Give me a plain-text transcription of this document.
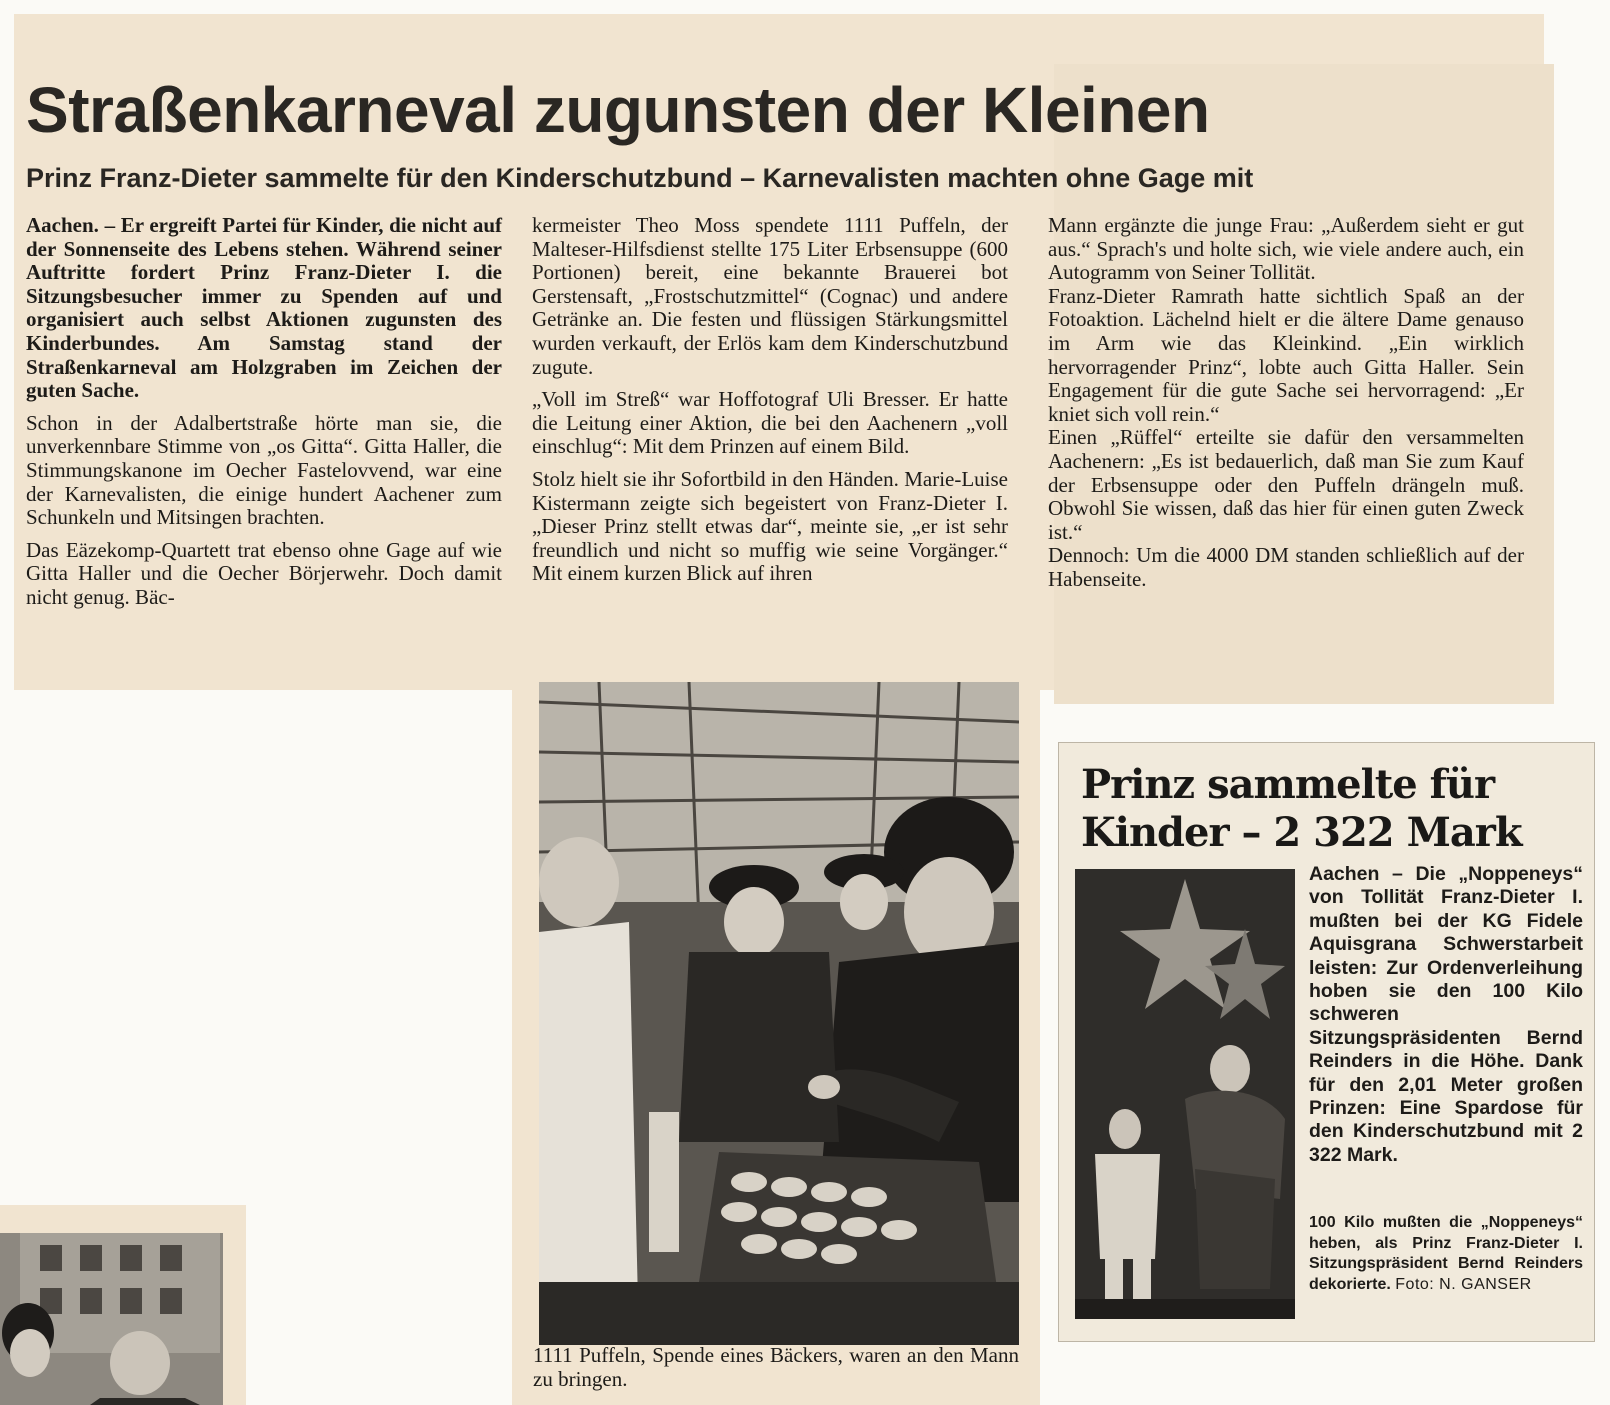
Straßenkarneval zugunsten der Kleinen
Prinz Franz-Dieter sammelte für den Kinderschutzbund – Karnevalisten machten ohne Gage mit

Aachen. – Er ergreift Partei für Kinder, die nicht auf der Sonnenseite des Lebens stehen. Während seiner Auftritte fordert Prinz Franz-Dieter I. die Sitzungsbesucher immer zu Spenden auf und organisiert auch selbst Aktionen zugunsten des Kinderbundes. Am Samstag stand der Straßenkarneval am Holzgraben im Zeichen der guten Sache.

Schon in der Adalbertstraße hörte man sie, die unverkennbare Stimme von „os Gitta“. Gitta Haller, die Stimmungskanone im Oecher Fastelovvend, war eine der Karnevalisten, die einige hundert Aachener zum Schunkeln und Mitsingen brachten.

Das Eäzekomp-Quartett trat ebenso ohne Gage auf wie Gitta Haller und die Oecher Börjerwehr. Doch damit nicht genug. Bäc-

kermeister Theo Moss spendete 1111 Puffeln, der Malteser-Hilfsdienst stellte 175 Liter Erbsensuppe (600 Portionen) bereit, eine bekannte Brauerei bot Gerstensaft, „Frostschutzmittel“ (Cognac) und andere Getränke an. Die festen und flüssigen Stärkungsmittel wurden verkauft, der Erlös kam dem Kinderschutzbund zugute.

„Voll im Streß“ war Hoffotograf Uli Bresser. Er hatte die Leitung einer Aktion, die bei den Aachenern „voll einschlug“: Mit dem Prinzen auf einem Bild.

Stolz hielt sie ihr Sofortbild in den Händen. Marie-Luise Kistermann zeigte sich begeistert von Franz-Dieter I. „Dieser Prinz stellt etwas dar“, meinte sie, „er ist sehr freundlich und nicht so muffig wie seine Vorgänger.“ Mit einem kurzen Blick auf ihren

Mann ergänzte die junge Frau: „Außerdem sieht er gut aus.“ Sprach's und holte sich, wie viele andere auch, ein Autogramm von Seiner Tollität.

Franz-Dieter Ramrath hatte sichtlich Spaß an der Fotoaktion. Lächelnd hielt er die ältere Dame genauso im Arm wie das Kleinkind. „Ein wirklich hervorragender Prinz“, lobte auch Gitta Haller. Sein Engagement für die gute Sache sei hervorragend: „Er kniet sich voll rein.“

Einen „Rüffel“ erteilte sie dafür den versammelten Aachenern: „Es ist bedauerlich, daß man Sie zum Kauf der Erbsensuppe oder den Puffeln drängeln muß. Obwohl Sie wissen, daß das hier für einen guten Zweck ist.“

Dennoch: Um die 4000 DM standen schließlich auf der Habenseite.

1111 Puffeln, Spende eines Bäckers, waren an den Mann zu bringen.

Prinz sammelte für
Kinder – 2 322 Mark

Aachen – Die „Noppeneys“ von Tollität Franz-Dieter I. mußten bei der KG Fidele Aquisgrana Schwerstarbeit leisten: Zur Ordenverleihung hoben sie den 100 Kilo schweren Sitzungspräsidenten Bernd Reinders in die Höhe. Dank für den 2,01 Meter großen Prinzen: Eine Spardose für den Kinderschutzbund mit 2 322 Mark.

100 Kilo mußten die „Noppeneys“ heben, als Prinz Franz-Dieter I. Sitzungspräsident Bernd Reinders dekorierte. Foto: N. GANSER
